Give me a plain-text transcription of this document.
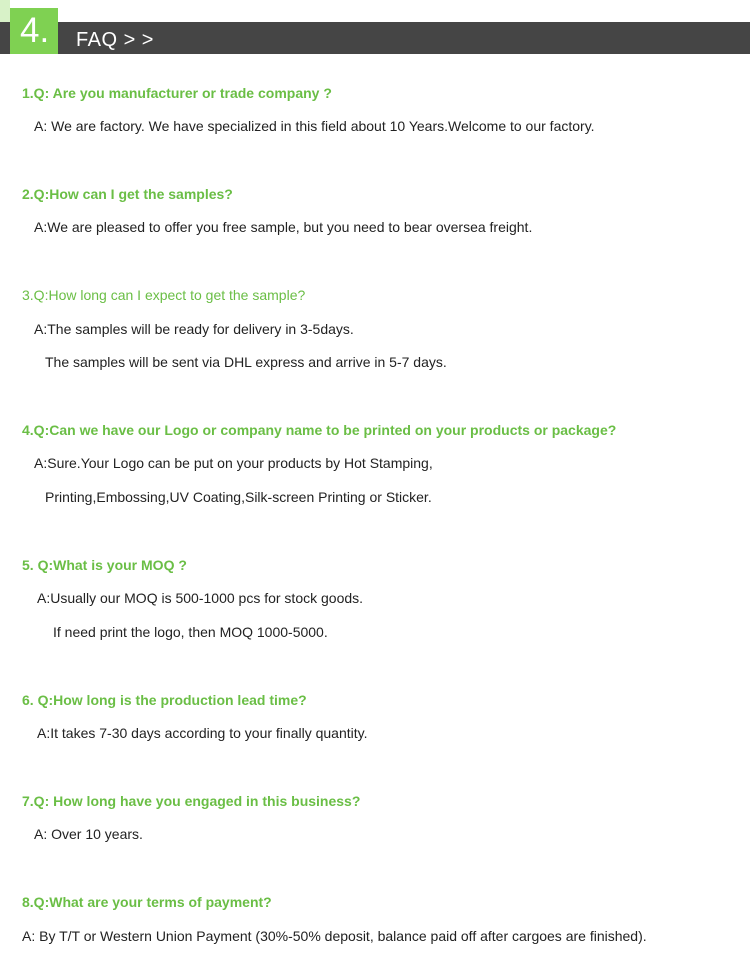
4.	FAQ > >
1.Q: Are you manufacturer or trade company ?
A: We are factory. We have specialized in this field about 10 Years.Welcome to our factory.
2.Q:How can I get the samples?
A:We are pleased to offer you free sample, but you need to bear oversea freight.
3.Q:How long can I expect to get the sample?
A:The samples will be ready for delivery in 3-5days.
The samples will be sent via DHL express and arrive in 5-7 days.
4.Q:Can we have our Logo or company name to be printed on your products or package?
A:Sure.Your Logo can be put on your products by Hot Stamping,
Printing,Embossing,UV Coating,Silk-screen Printing or Sticker.
5. Q:What is your MOQ ?
A:Usually our MOQ is 500-1000 pcs for stock goods.
If need print the logo, then MOQ 1000-5000.
6. Q:How long is the production lead time?
A:It takes 7-30 days according to your finally quantity.
7.Q: How long have you engaged in this business?
A: Over 10 years.
8.Q:What are your terms of payment?
A: By T/T or Western Union Payment (30%-50% deposit, balance paid off after cargoes are finished).
